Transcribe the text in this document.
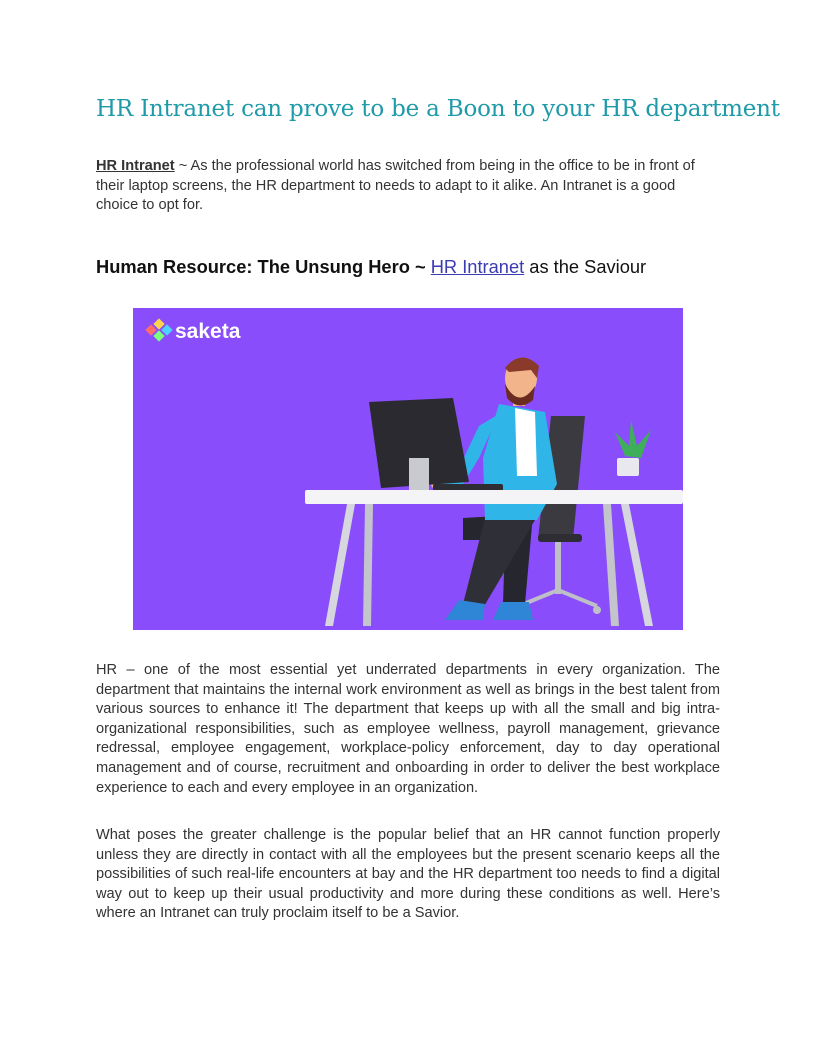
HR Intranet can prove to be a Boon to your HR department

HR Intranet ~ As the professional world has switched from being in the office to be in front of their laptop screens, the HR department to needs to adapt to it alike. An Intranet is a good choice to opt for.

Human Resource: The Unsung Hero ~ HR Intranet as the Saviour
saketa

HR – one of the most essential yet underrated departments in every organization. The department that maintains the internal work environment as well as brings in the best talent from various sources to enhance it! The department that keeps up with all the small and big intra-organizational responsibilities, such as employee wellness, payroll management, grievance redressal, employee engagement, workplace-policy enforcement, day to day operational management and of course, recruitment and onboarding in order to deliver the best workplace experience to each and every employee in an organization.

What poses the greater challenge is the popular belief that an HR cannot function properly unless they are directly in contact with all the employees but the present scenario keeps all the possibilities of such real-life encounters at bay and the HR department too needs to find a digital way out to keep up their usual productivity and more during these conditions as well. Here’s where an Intranet can truly proclaim itself to be a Savior.
